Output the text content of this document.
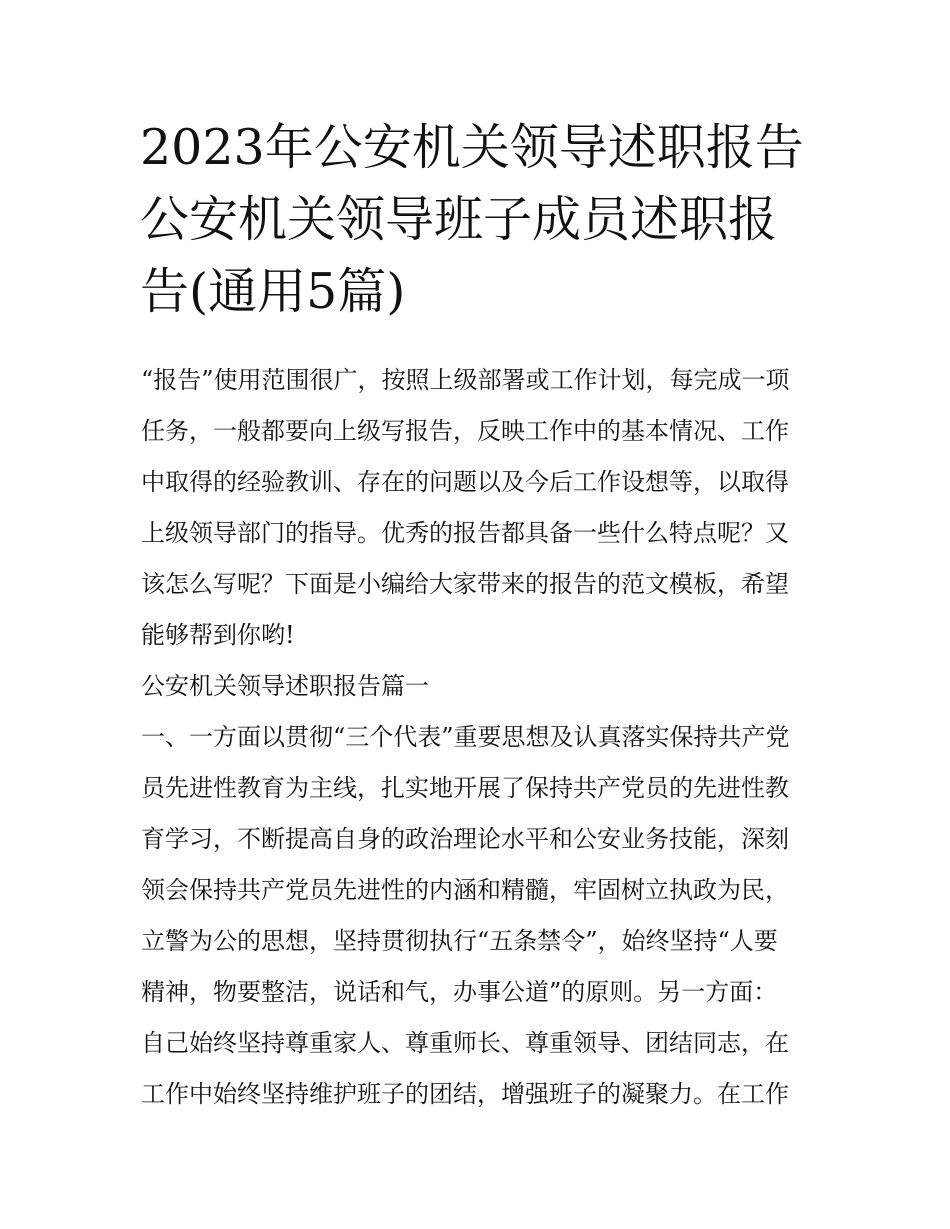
2023年公安机关领导述职报告
公安机关领导班子成员述职报
告(通用5篇)

“报告”使用范围很广，按照上级部署或工作计划，每完成一项
任务，一般都要向上级写报告，反映工作中的基本情况、工作
中取得的经验教训、存在的问题以及今后工作设想等，以取得
上级领导部门的指导。优秀的报告都具备一些什么特点呢？又
该怎么写呢？下面是小编给大家带来的报告的范文模板，希望
能够帮到你哟!

公安机关领导述职报告篇一

一、一方面以贯彻“三个代表”重要思想及认真落实保持共产党
员先进性教育为主线，扎实地开展了保持共产党员的先进性教
育学习，不断提高自身的政治理论水平和公安业务技能，深刻
领会保持共产党员先进性的内涵和精髓，牢固树立执政为民，
立警为公的思想，坚持贯彻执行“五条禁令”，始终坚持“人要
精神，物要整洁，说话和气，办事公道”的原则。另一方面：
自己始终坚持尊重家人、尊重师长、尊重领导、团结同志，在
工作中始终坚持维护班子的团结，增强班子的凝聚力。在工作
